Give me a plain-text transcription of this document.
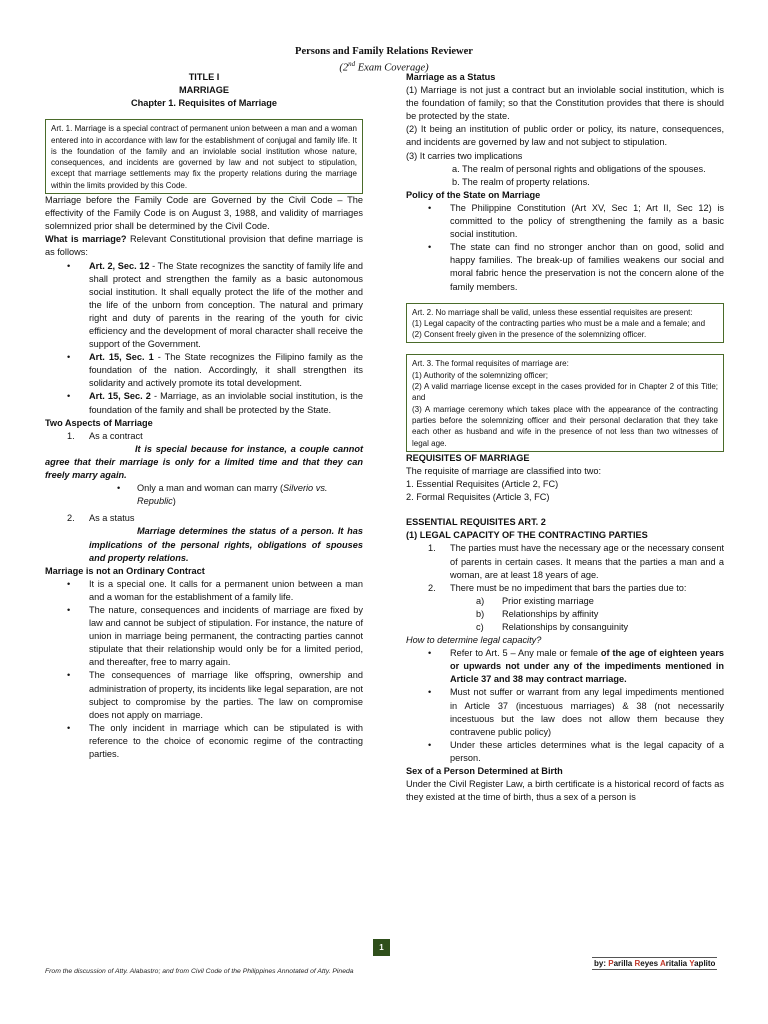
Persons and Family Relations Reviewer
(2nd Exam Coverage)

TITLE I

MARRIAGE

Chapter 1. Requisites of Marriage

Art. 1. Marriage is a special contract of permanent union between a man and a woman entered into in accordance with law for the establishment of conjugal and family life. It is the foundation of the family and an inviolable social institution whose nature, consequences, and incidents are governed by law and not subject to stipulation, except that marriage settlements may fix the property relations during the marriage within the limits provided by this Code.

Marriage before the Family Code are Governed by the Civil Code – The effectivity of the Family Code is on August 3, 1988, and validity of marriages solemnized prior shall be determined by the Civil Code.

What is marriage? Relevant Constitutional provision that define marriage is as follows:

• Art. 2, Sec. 12 - The State recognizes the sanctity of family life and shall protect and strengthen the family as a basic autonomous social institution. It shall equally protect the life of the mother and the life of the unborn from conception. The natural and primary right and duty of parents in the rearing of the youth for civic efficiency and the development of moral character shall receive the support of the Government.
• Art. 15, Sec. 1 - The State recognizes the Filipino family as the foundation of the nation. Accordingly, it shall strengthen its solidarity and actively promote its total development.
• Art. 15, Sec. 2 - Marriage, as an inviolable social institution, is the foundation of the family and shall be protected by the State.

Two Aspects of Marriage

1. As a contract

It is special because for instance, a couple cannot agree that their marriage is only for a limited time and that they can freely marry again.

• Only a man and woman can marry (Silverio vs. Republic)
2. As a status

Marriage determines the status of a person. It has implications of the personal rights, obligations of spouses and property relations.

Marriage is not an Ordinary Contract

• It is a special one. It calls for a permanent union between a man and a woman for the establishment of a family life.
• The nature, consequences and incidents of marriage are fixed by law and cannot be subject of stipulation. For instance, the nature of union in marriage being permanent, the contracting parties cannot stipulate that their relationship would only be for a limited period, and thereafter, free to marry again.
• The consequences of marriage like offspring, ownership and administration of property, its incidents like legal separation, are not subject to compromise by the parties. The law on compromise does not apply on marriage.
• The only incident in marriage which can be stipulated is with reference to the choice of economic regime of the contracting parties.

Marriage as a Status

(1) Marriage is not just a contract but an inviolable social institution, which is the foundation of family; so that the Constitution provides that there is should be protected by the state.

(2) It being an institution of public order or policy, its nature, consequences, and incidents are governed by law and not subject to stipulation.

(3) It carries two implications

a. The realm of personal rights and obligations of the spouses.

b. The realm of property relations.

Policy of the State on Marriage

• The Philippine Constitution (Art XV, Sec 1; Art II, Sec 12) is committed to the policy of strengthening the family as a basic social institution.
• The state can find no stronger anchor than on good, solid and happy families. The break-up of families weakens our social and moral fabric hence the preservation is not the concern alone of the family members.

Art. 2. No marriage shall be valid, unless these essential requisites are present:

(1) Legal capacity of the contracting parties who must be a male and a female; and

(2) Consent freely given in the presence of the solemnizing officer.

Art. 3. The formal requisites of marriage are:

(1) Authority of the solemnizing officer;

(2) A valid marriage license except in the cases provided for in Chapter 2 of this Title; and

(3) A marriage ceremony which takes place with the appearance of the contracting parties before the solemnizing officer and their personal declaration that they take each other as husband and wife in the presence of not less than two witnesses of legal age.

REQUISITES OF MARRIAGE

The requisite of marriage are classified into two:

1. Essential Requisites (Article 2, FC)

2. Formal Requisites (Article 3, FC)

ESSENTIAL REQUISITES ART. 2

(1) LEGAL CAPACITY OF THE CONTRACTING PARTIES

1. The parties must have the necessary age or the necessary consent of parents in certain cases. It means that the parties a man and a woman, are at least 18 years of age.
2. There must be no impediment that bars the parties due to:
a) Prior existing marriage
b) Relationships by affinity
c) Relationships by consanguinity

How to determine legal capacity?

• Refer to Art. 5 – Any male or female of the age of eighteen years or upwards not under any of the impediments mentioned in Article 37 and 38 may contract marriage.
• Must not suffer or warrant from any legal impediments mentioned in Article 37 (incestuous marriages) & 38 (not necessarily incestuous but the law does not allow them because they contravene public policy)
• Under these articles determines what is the legal capacity of a person.

Sex of a Person Determined at Birth

Under the Civil Register Law, a birth certificate is a historical record of facts as they existed at the time of birth, thus a sex of a person is

1
From the discussion of Atty. Alabastro; and from Civil Code of the Philippines Annotated of Atty. Pineda
by: Parilla Reyes Aritalia Yaplito
